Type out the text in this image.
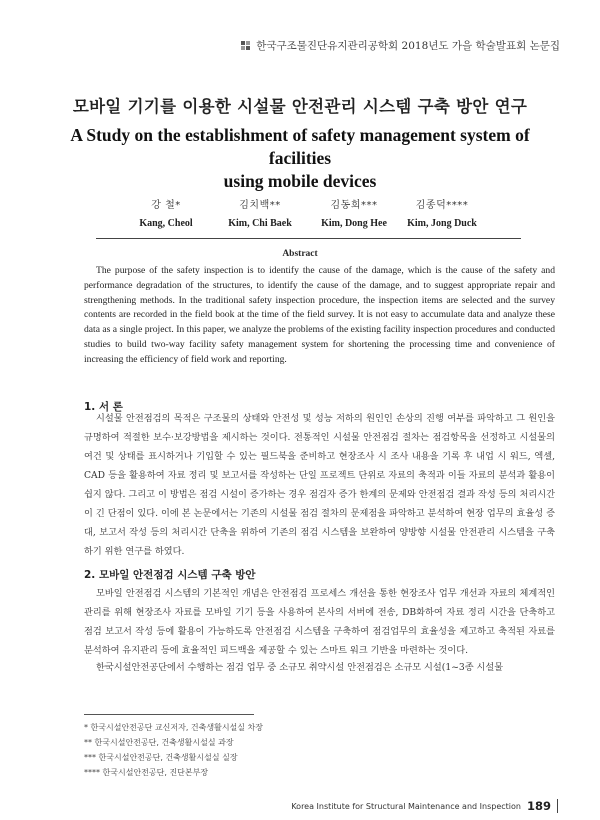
한국구조물진단유지관리공학회 2018년도 가을 학술발표회 논문집
모바일 기기를 이용한 시설물 안전관리 시스템 구축 방안 연구
A Study on the establishment of safety management system of facilities
using mobile devices
강 철*
Kang, Cheol
김치백**
Kim, Chi Baek
김동희***
Kim, Dong Hee
김종덕****
Kim, Jong Duck
Abstract
The purpose of the safety inspection is to identify the cause of the damage, which is the cause of the safety and performance degradation of the structures, to identify the cause of the damage, and to suggest appropriate repair and strengthening methods. In the traditional safety inspection procedure, the inspection items are selected and the survey contents are recorded in the field book at the time of the field survey. It is not easy to accumulate data and analyze these data as a single project. In this paper, we analyze the problems of the existing facility inspection procedures and conducted studies to build two-way facility safety management system for shortening the processing time and convenience of increasing the efficiency of field work and reporting.
1. 서 론
시설물 안전점검의 목적은 구조물의 상태와 안전성 및 성능 저하의 원인인 손상의 진행 여부를 파악하고 그 원인을 규명하여 적절한 보수·보강방법을 제시하는 것이다. 전통적인 시설물 안전점검 절차는 점검항목을 선정하고 시설물의 여건 및 상태를 표시하거나 기입할 수 있는 필드북을 준비하고 현장조사 시 조사 내용을 기록 후 내업 시 워드, 엑셀, CAD 등을 활용하여 자료 정리 및 보고서를 작성하는 단일 프로젝트 단위로 자료의 축적과 이들 자료의 분석과 활용이 쉽지 않다. 그리고 이 방법은 점검 시설이 증가하는 경우 점검자 증가 한계의 문제와 안전점검 결과 작성 등의 처리시간이 긴 단점이 있다. 이에 본 논문에서는 기존의 시설물 점검 절차의 문제점을 파악하고 분석하여 현장 업무의 효율성 증대, 보고서 작성 등의 처리시간 단축을 위하여 기존의 점검 시스템을 보완하여 양방향 시설물 안전관리 시스템을 구축하기 위한 연구를 하였다.
2. 모바일 안전점검 시스템 구축 방안
모바일 안전점검 시스템의 기본적인 개념은 안전점검 프로세스 개선을 통한 현장조사 업무 개선과 자료의 체계적인 관리를 위해 현장조사 자료를 모바일 기기 등을 사용하여 본사의 서버에 전송, DB화하여 자료 정리 시간을 단축하고 점검 보고서 작성 등에 활용이 가능하도록 안전점검 시스템을 구축하여 점검업무의 효율성을 제고하고 축적된 자료를 분석하여 유지관리 등에 효율적인 피드백을 제공할 수 있는 스마트 워크 기반을 마련하는 것이다.
한국시설안전공단에서 수행하는 점검 업무 중 소규모 취약시설 안전점검은 소규모 시설(1~3종 시설물
* 한국시설안전공단 교신저자, 건축생활시설실 차장
** 한국시설안전공단, 건축생활시설실 과장
*** 한국시설안전공단, 건축생활시설실 실장
**** 한국시설안전공단, 진단본부장
Korea Institute for Structural Maintenance and Inspection 189
